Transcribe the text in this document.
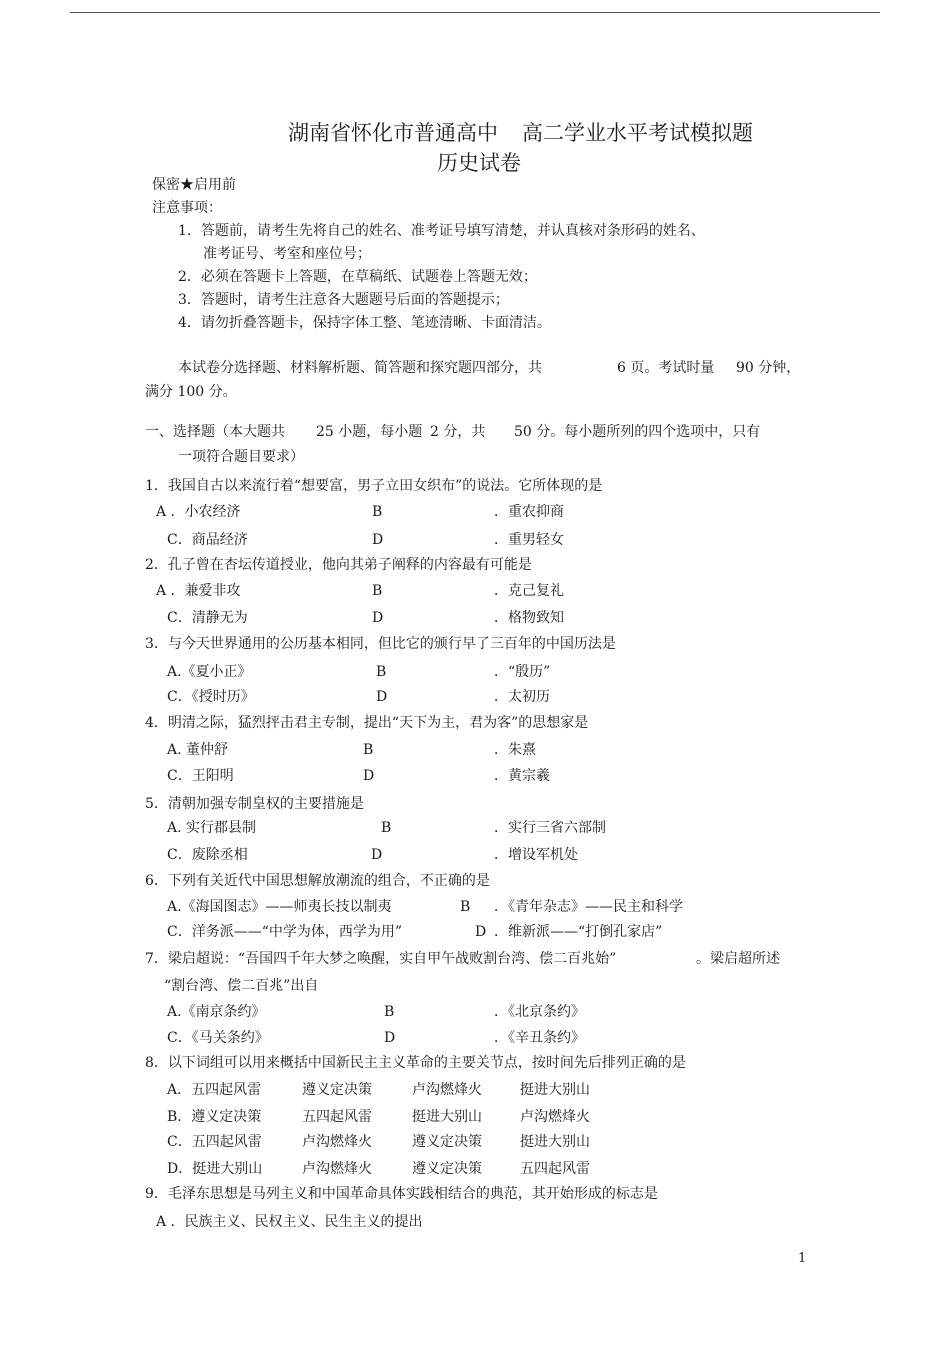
湖南省怀化市普通高中 高二学业水平考试模拟题
历史试卷
保密★启用前
注意事项：
1．答题前，请考生先将自己的姓名、准考证号填写清楚，并认真核对条形码的姓名、
准考证号、考室和座位号；
2．必须在答题卡上答题，在草稿纸、试题卷上答题无效；
3．答题时，请考生注意各大题题号后面的答题提示；
4．请勿折叠答题卡，保持字体工整、笔迹清晰、卡面清洁。
本试卷分选择题、材料解析题、简答题和探究题四部分，共	6 页。考试时量 90 分钟，
满分 100 分。
一、选择题（本大题共 25 小题，每小题 2 分，共 50 分。每小题所列的四个选项中，只有
一项符合题目要求）
1．我国自古以来流行着“想要富，男子立田女织布”的说法。它所体现的是
A ．小农经济	B	．重农抑商
C．商品经济	D	．重男轻女
2．孔子曾在杏坛传道授业，他向其弟子阐释的内容最有可能是
A ．兼爱非攻	B	．克己复礼
C．清静无为	D	．格物致知
3．与今天世界通用的公历基本相同，但比它的颁行早了三百年的中国历法是
A.《夏小正》	B	．“殷历”
C．《授时历》	D	．太初历
4．明清之际，猛烈抨击君主专制，提出“天下为主，君为客”的思想家是
A. 董仲舒	B	．朱熹
C．王阳明	D	．黄宗羲
5．清朝加强专制皇权的主要措施是
A. 实行郡县制	B	．实行三省六部制
C．废除丞相	D	．增设军机处
6．下列有关近代中国思想解放潮流的组合，不正确的是
A.《海国图志》——师夷长技以制夷	B ．《青年杂志》——民主和科学
C．洋务派——“中学为体，西学为用”	D ．维新派——“打倒孔家店”
7．梁启超说：“吾国四千年大梦之唤醒，实自甲午战败割台湾、偿二百兆始”	。梁启超所述
“割台湾、偿二百兆”出自
A.《南京条约》	B	．《北京条约》
C．《马关条约》	D	．《辛丑条约》
8．以下词组可以用来概括中国新民主主义革命的主要关节点，按时间先后排列正确的是
A．五四起风雷	遵义定决策	卢沟燃烽火	挺进大别山
B．遵义定决策	五四起风雷	挺进大别山	卢沟燃烽火
C．五四起风雷	卢沟燃烽火	遵义定决策	挺进大别山
D．挺进大别山	卢沟燃烽火	遵义定决策	五四起风雷
9．毛泽东思想是马列主义和中国革命具体实践相结合的典范，其开始形成的标志是
A ．民族主义、民权主义、民生主义的提出
1
